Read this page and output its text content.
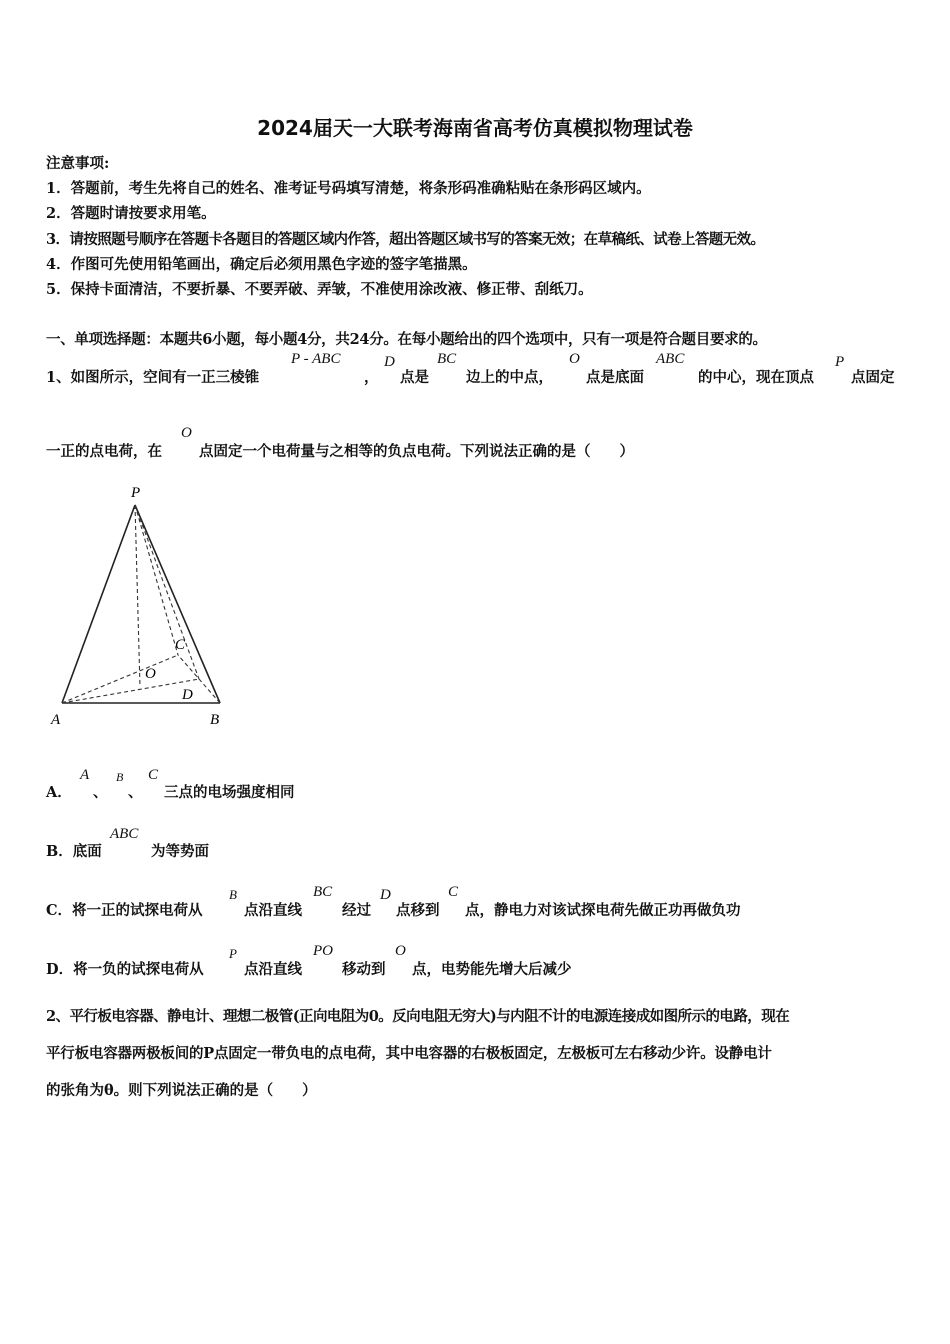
2024届天一大联考海南省高考仿真模拟物理试卷
注意事项:
1．答题前，考生先将自己的姓名、准考证号码填写清楚，将条形码准确粘贴在条形码区域内。
2．答题时请按要求用笔。
3．请按照题号顺序在答题卡各题目的答题区域内作答，超出答题区域书写的答案无效；在草稿纸、试卷上答题无效。
4．作图可先使用铅笔画出，确定后必须用黑色字迹的签字笔描黑。
5．保持卡面清洁，不要折暴、不要弄破、弄皱，不准使用涂改液、修正带、刮纸刀。
一、单项选择题：本题共6小题，每小题4分，共24分。在每小题给出的四个选项中，只有一项是符合题目要求的。
1、如图所示，空间有一正三棱锥
P - ABC
，
D
点是
BC
边上的中点，
O
点是底面
ABC
的中心，现在顶点
P
点固定
一正的点电荷，在
O
点固定一个电荷量与之相等的负点电荷。下列说法正确的是（　　）
P
C
O
D
A	B
A．
A
、
B
、
C
三点的电场强度相同
B．底面
ABC
为等势面
C．将一正的试探电荷从
B
点沿直线
BC
经过
D
点移到
C
点，静电力对该试探电荷先做正功再做负功
D．将一负的试探电荷从
P
点沿直线
PO
移动到
O
点，电势能先增大后减少
2、平行板电容器、静电计、理想二极管(正向电阻为0。反向电阻无穷大)与内阻不计的电源连接成如图所示的电路，现在
平行板电容器两极板间的P点固定一带负电的点电荷，其中电容器的右极板固定，左极板可左右移动少许。设静电计
的张角为θ。则下列说法正确的是（　　）
